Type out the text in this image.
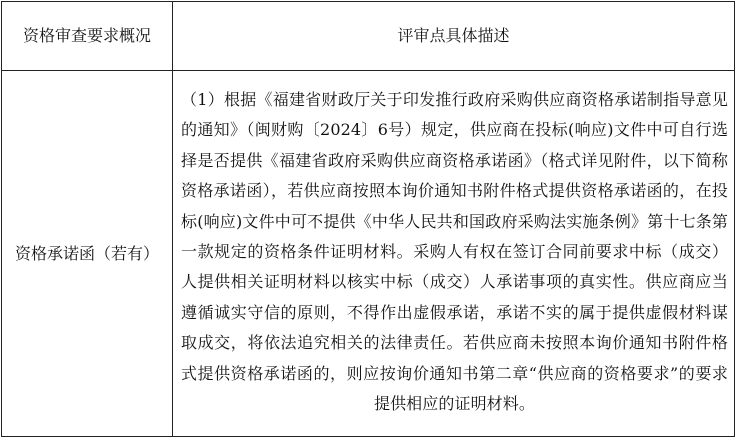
资格审查要求概况	评审点具体描述
资格承诺函（若有）	（1）根据《福建省财政厅关于印发推行政府采购供应商资格承诺制指导意见的通知》（闽财购〔2024〕6号）规定，供应商在投标(响应)文件中可自行选择是否提供《福建省政府采购供应商资格承诺函》（格式详见附件，以下简称资格承诺函），若供应商按照本询价通知书附件格式提供资格承诺函的，在投标(响应)文件中可不提供《中华人民共和国政府采购法实施条例》第十七条第一款规定的资格条件证明材料。采购人有权在签订合同前要求中标（成交）人提供相关证明材料以核实中标（成交）人承诺事项的真实性。供应商应当遵循诚实守信的原则，不得作出虚假承诺，承诺不实的属于提供虚假材料谋取成交，将依法追究相关的法律责任。若供应商未按照本询价通知书附件格式提供资格承诺函的，则应按询价通知书第二章“供应商的资格要求”的要求提供相应的证明材料。
